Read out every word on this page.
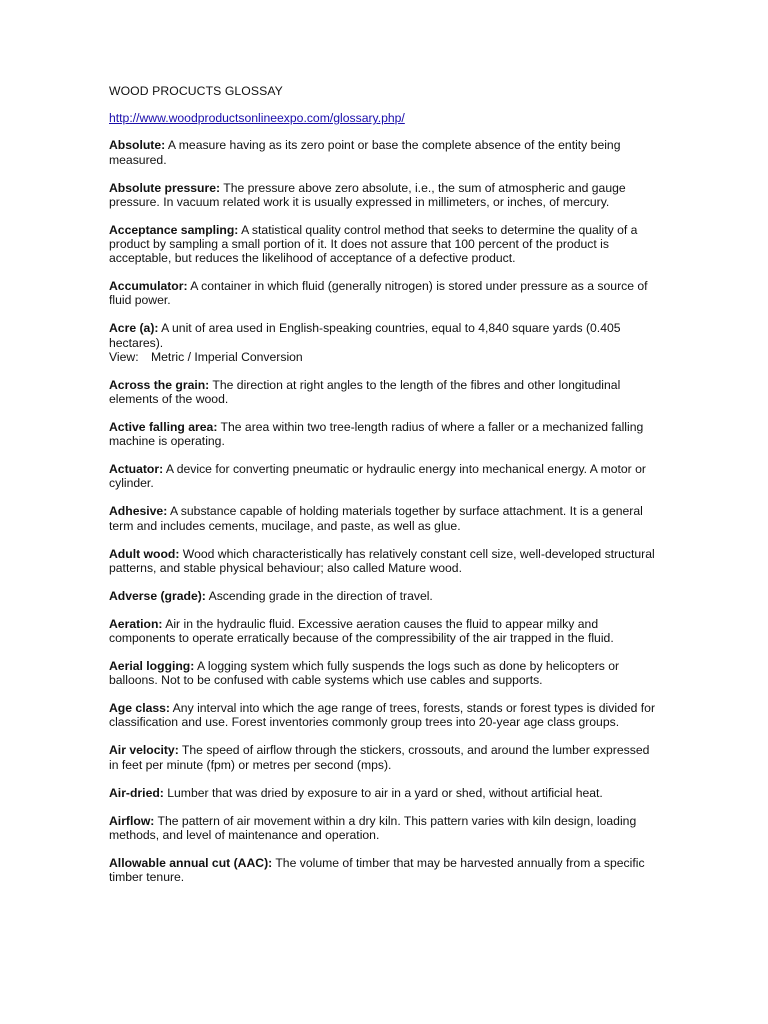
WOOD PROCUCTS GLOSSAY
http://www.woodproductsonlineexpo.com/glossary.php/
Absolute: A measure having as its zero point or base the complete absence of the entity being measured.
Absolute pressure: The pressure above zero absolute, i.e., the sum of atmospheric and gauge pressure. In vacuum related work it is usually expressed in millimeters, or inches, of mercury.
Acceptance sampling: A statistical quality control method that seeks to determine the quality of a product by sampling a small portion of it. It does not assure that 100 percent of the product is acceptable, but reduces the likelihood of acceptance of a defective product.
Accumulator: A container in which fluid (generally nitrogen) is stored under pressure as a source of fluid power.
Acre (a): A unit of area used in English-speaking countries, equal to 4,840 square yards (0.405 hectares).
View: Metric / Imperial Conversion
Across the grain: The direction at right angles to the length of the fibres and other longitudinal elements of the wood.
Active falling area: The area within two tree-length radius of where a faller or a mechanized falling machine is operating.
Actuator: A device for converting pneumatic or hydraulic energy into mechanical energy. A motor or cylinder.
Adhesive: A substance capable of holding materials together by surface attachment. It is a general term and includes cements, mucilage, and paste, as well as glue.
Adult wood: Wood which characteristically has relatively constant cell size, well-developed structural patterns, and stable physical behaviour; also called Mature wood.
Adverse (grade): Ascending grade in the direction of travel.
Aeration: Air in the hydraulic fluid. Excessive aeration causes the fluid to appear milky and components to operate erratically because of the compressibility of the air trapped in the fluid.
Aerial logging: A logging system which fully suspends the logs such as done by helicopters or balloons. Not to be confused with cable systems which use cables and supports.
Age class: Any interval into which the age range of trees, forests, stands or forest types is divided for classification and use. Forest inventories commonly group trees into 20-year age class groups.
Air velocity: The speed of airflow through the stickers, crossouts, and around the lumber expressed in feet per minute (fpm) or metres per second (mps).
Air-dried: Lumber that was dried by exposure to air in a yard or shed, without artificial heat.
Airflow: The pattern of air movement within a dry kiln. This pattern varies with kiln design, loading methods, and level of maintenance and operation.
Allowable annual cut (AAC): The volume of timber that may be harvested annually from a specific timber tenure.
